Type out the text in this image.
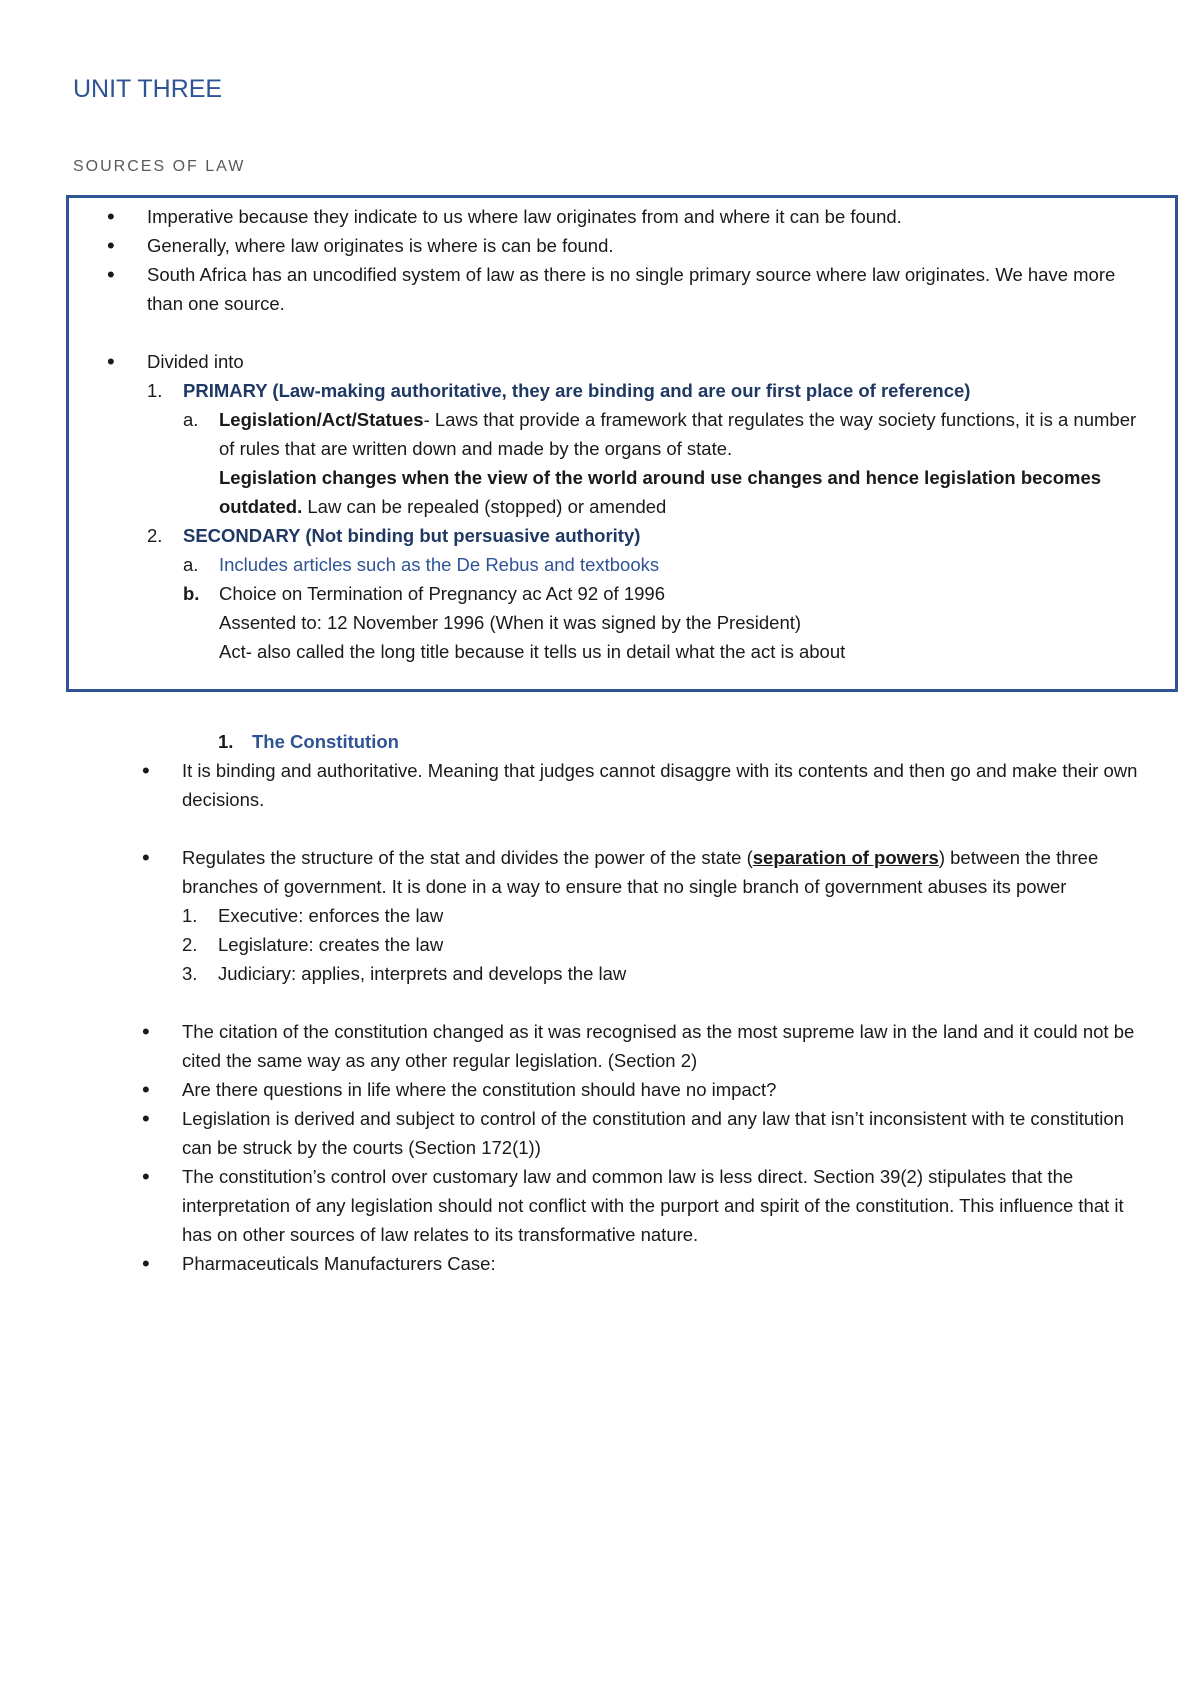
UNIT THREE
SOURCES OF LAW
• Imperative because they indicate to us where law originates from and where it can be found.
• Generally, where law originates is where is can be found.
• South Africa has an uncodified system of law as there is no single primary source where law originates. We have more than one source.
• Divided into
1. PRIMARY (Law-making authoritative, they are binding and are our first place of reference)
a. Legislation/Act/Statues- Laws that provide a framework that regulates the way society functions, it is a number of rules that are written down and made by the organs of state.
Legislation changes when the view of the world around use changes and hence legislation becomes outdated. Law can be repealed (stopped) or amended
2. SECONDARY (Not binding but persuasive authority)
a. Includes articles such as the De Rebus and textbooks
b. Choice on Termination of Pregnancy ac Act 92 of 1996
Assented to: 12 November 1996 (When it was signed by the President)
Act- also called the long title because it tells us in detail what the act is about
1. The Constitution
• It is binding and authoritative. Meaning that judges cannot disaggre with its contents and then go and make their own decisions.
• Regulates the structure of the stat and divides the power of the state (separation of powers) between the three branches of government. It is done in a way to ensure that no single branch of government abuses its power
1. Executive: enforces the law
2. Legislature: creates the law
3. Judiciary: applies, interprets and develops the law
• The citation of the constitution changed as it was recognised as the most supreme law in the land and it could not be cited the same way as any other regular legislation. (Section 2)
• Are there questions in life where the constitution should have no impact?
• Legislation is derived and subject to control of the constitution and any law that isn’t inconsistent with te constitution can be struck by the courts (Section 172(1))
• The constitution’s control over customary law and common law is less direct. Section 39(2) stipulates that the interpretation of any legislation should not conflict with the purport and spirit of the constitution. This influence that it has on other sources of law relates to its transformative nature.
• Pharmaceuticals Manufacturers Case:
